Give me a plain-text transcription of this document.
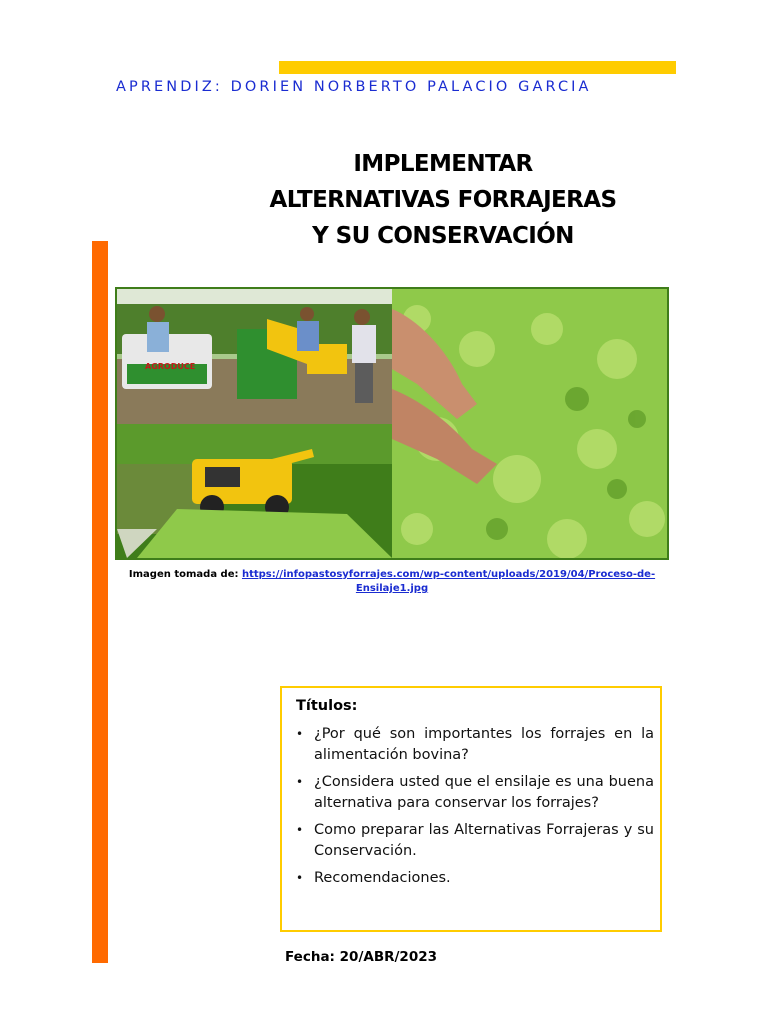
APRENDIZ: DORIEN NORBERTO PALACIO GARCIA
IMPLEMENTAR
ALTERNATIVAS FORRAJERAS
Y SU CONSERVACIÓN
AGRODUCE
Imagen tomada de: https://infopastosyforrajes.com/wp-content/uploads/2019/04/Proceso-de-Ensilaje1.jpg
Títulos:
• ¿Por qué son importantes los forrajes en la alimentación bovina?
• ¿Considera usted que el ensilaje es una buena alternativa para conservar los forrajes?
• Como preparar las Alternativas Forrajeras y su Conservación.
• Recomendaciones.
Fecha: 20/ABR/2023
